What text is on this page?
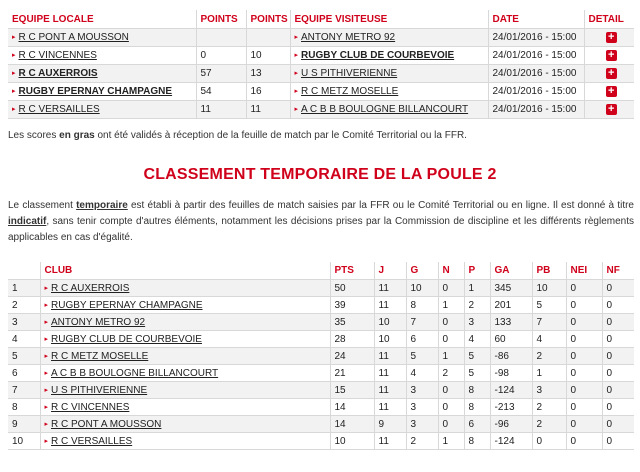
EQUIPE LOCALE	POINTS	POINTS	EQUIPE VISITEUSE	DATE	DETAIL
▸ R C PONT A MOUSSON			▸ ANTONY METRO 92	24/01/2016 - 15:00	+
▸ R C VINCENNES	0	10	▸ RUGBY CLUB DE COURBEVOIE	24/01/2016 - 15:00	+
▸ R C AUXERROIS	57	13	▸ U S PITHIVERIENNE	24/01/2016 - 15:00	+
▸ RUGBY EPERNAY CHAMPAGNE	54	16	▸ R C METZ MOSELLE	24/01/2016 - 15:00	+
▸ R C VERSAILLES	11	11	▸ A C B B BOULOGNE BILLANCOURT	24/01/2016 - 15:00	+
Les scores en gras ont été validés à réception de la feuille de match par le Comité Territorial ou la FFR.
CLASSEMENT TEMPORAIRE DE LA POULE 2
Le classement temporaire est établi à partir des feuilles de match saisies par la FFR ou le Comité Territorial ou en ligne. Il est donné à titre indicatif, sans tenir compte d'autres éléments, notamment les décisions prises par la Commission de discipline et les différents règlements applicables en cas d'égalité.
	CLUB	PTS	J	G	N	P	GA	PB	NEI	NF
1	▸ R C AUXERROIS	50	11	10	0	1	345	10	0	0
2	▸ RUGBY EPERNAY CHAMPAGNE	39	11	8	1	2	201	5	0	0
3	▸ ANTONY METRO 92	35	10	7	0	3	133	7	0	0
4	▸ RUGBY CLUB DE COURBEVOIE	28	10	6	0	4	60	4	0	0
5	▸ R C METZ MOSELLE	24	11	5	1	5	-86	2	0	0
6	▸ A C B B BOULOGNE BILLANCOURT	21	11	4	2	5	-98	1	0	0
7	▸ U S PITHIVERIENNE	15	11	3	0	8	-124	3	0	0
8	▸ R C VINCENNES	14	11	3	0	8	-213	2	0	0
9	▸ R C PONT A MOUSSON	14	9	3	0	6	-96	2	0	0
10	▸ R C VERSAILLES	10	11	2	1	8	-124	0	0	0
